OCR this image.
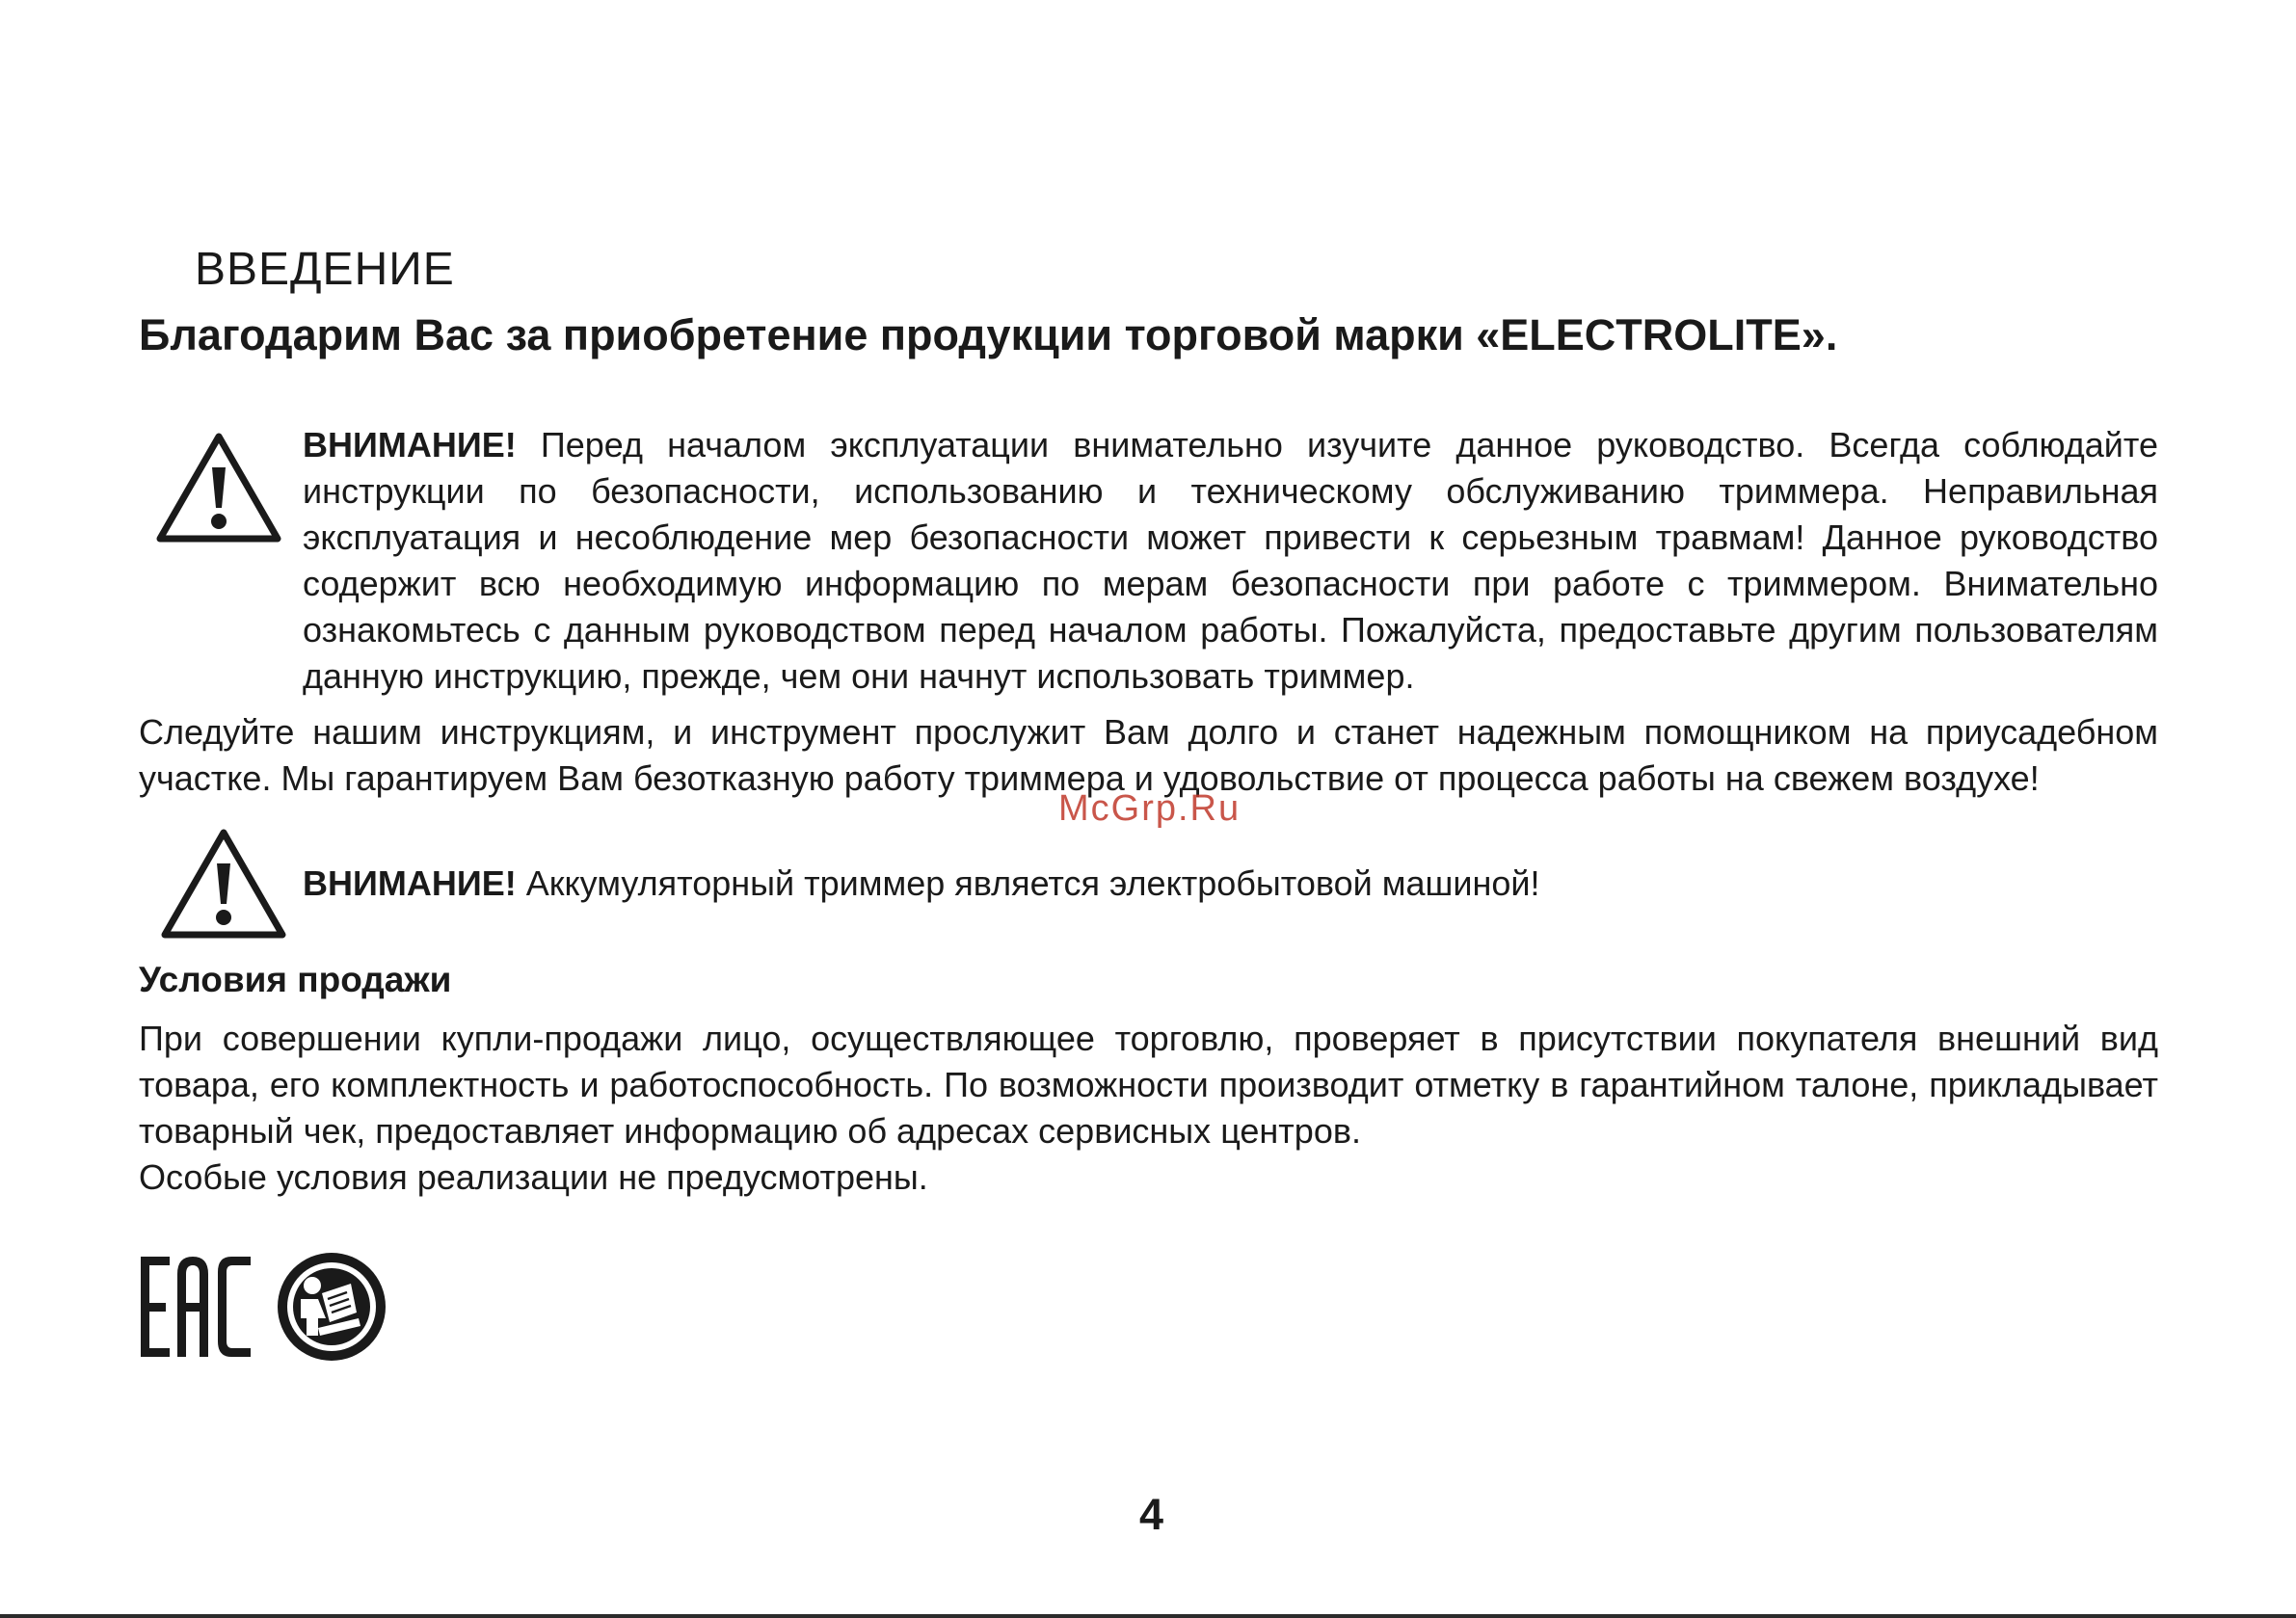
ВВЕДЕНИЕ
Благодарим Вас за приобретение продукции торговой марки «ELECTROLITE».
ВНИМАНИЕ! Перед началом эксплуатации внимательно изучите данное руководство. Всегда соблюдайте инструкции по безопасности, использованию и техническому обслуживанию триммера. Неправильная эксплуатация и несоблюдение мер безопасности может привести к серьезным травмам! Данное руководство содержит всю необходимую информацию по мерам безопасности при работе с триммером. Внимательно ознакомьтесь с данным руководством перед началом работы. Пожалуйста, предоставьте другим пользователям данную инструкцию, прежде, чем они начнут использовать триммер.
Следуйте нашим инструкциям, и инструмент прослужит Вам долго и станет надежным помощником на приусадебном участке. Мы гарантируем Вам безотказную работу триммера и удовольствие от процесса работы на свежем воздухе!
McGrp.Ru
ВНИМАНИЕ! Аккумуляторный триммер является электробытовой машиной!
Условия продажи
При совершении купли-продажи лицо, осуществляющее торговлю, проверяет в присутствии покупателя внешний вид товара, его комплектность и работоспособность. По возможности производит отметку в гарантийном талоне, прикладывает товарный чек, предоставляет информацию об адресах сервисных центров.
Особые условия реализации не предусмотрены.
4
